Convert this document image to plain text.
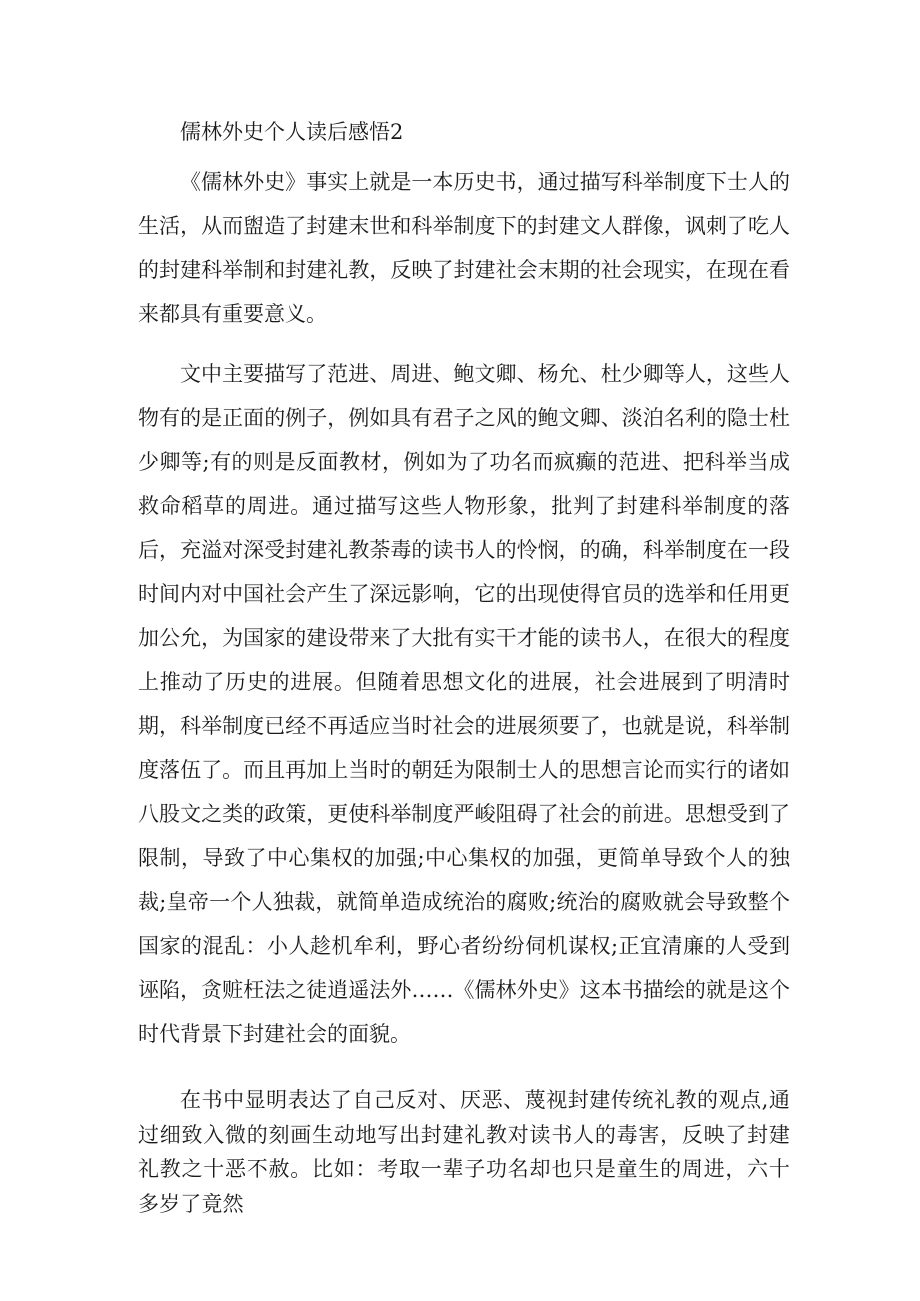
儒林外史个人读后感悟2

《儒林外史》事实上就是一本历史书，通过描写科举制度下士人的生活，从而盥造了封建末世和科举制度下的封建文人群像，讽刺了吃人的封建科举制和封建礼教，反映了封建社会末期的社会现实，在现在看来都具有重要意义。

文中主要描写了范进、周进、鲍文卿、杨允、杜少卿等人，这些人物有的是正面的例子，例如具有君子之风的鲍文卿、淡泊名利的隐士杜少卿等;有的则是反面教材，例如为了功名而疯癫的范进、把科举当成救命稻草的周进。通过描写这些人物形象，批判了封建科举制度的落后，充溢对深受封建礼教荼毒的读书人的怜悯，的确，科举制度在一段时间内对中国社会产生了深远影响，它的出现使得官员的选举和任用更加公允，为国家的建设带来了大批有实干才能的读书人，在很大的程度上推动了历史的进展。但随着思想文化的进展，社会进展到了明清时期，科举制度已经不再适应当时社会的进展须要了，也就是说，科举制度落伍了。而且再加上当时的朝廷为限制士人的思想言论而实行的诸如八股文之类的政策，更使科举制度严峻阻碍了社会的前进。思想受到了限制，导致了中心集权的加强;中心集权的加强，更简单导致个人的独裁;皇帝一个人独裁，就简单造成统治的腐败;统治的腐败就会导致整个国家的混乱：小人趁机牟利，野心者纷纷伺机谋权;正宜清廉的人受到诬陷，贪赃枉法之徒逍遥法外……《儒林外史》这本书描绘的就是这个时代背景下封建社会的面貌。

在书中显明表达了自己反对、厌恶、蔑视封建传统礼教的观点,通过细致入微的刻画生动地写出封建礼教对读书人的毒害，反映了封建礼教之十恶不赦。比如：考取一辈子功名却也只是童生的周进，六十多岁了竟然
